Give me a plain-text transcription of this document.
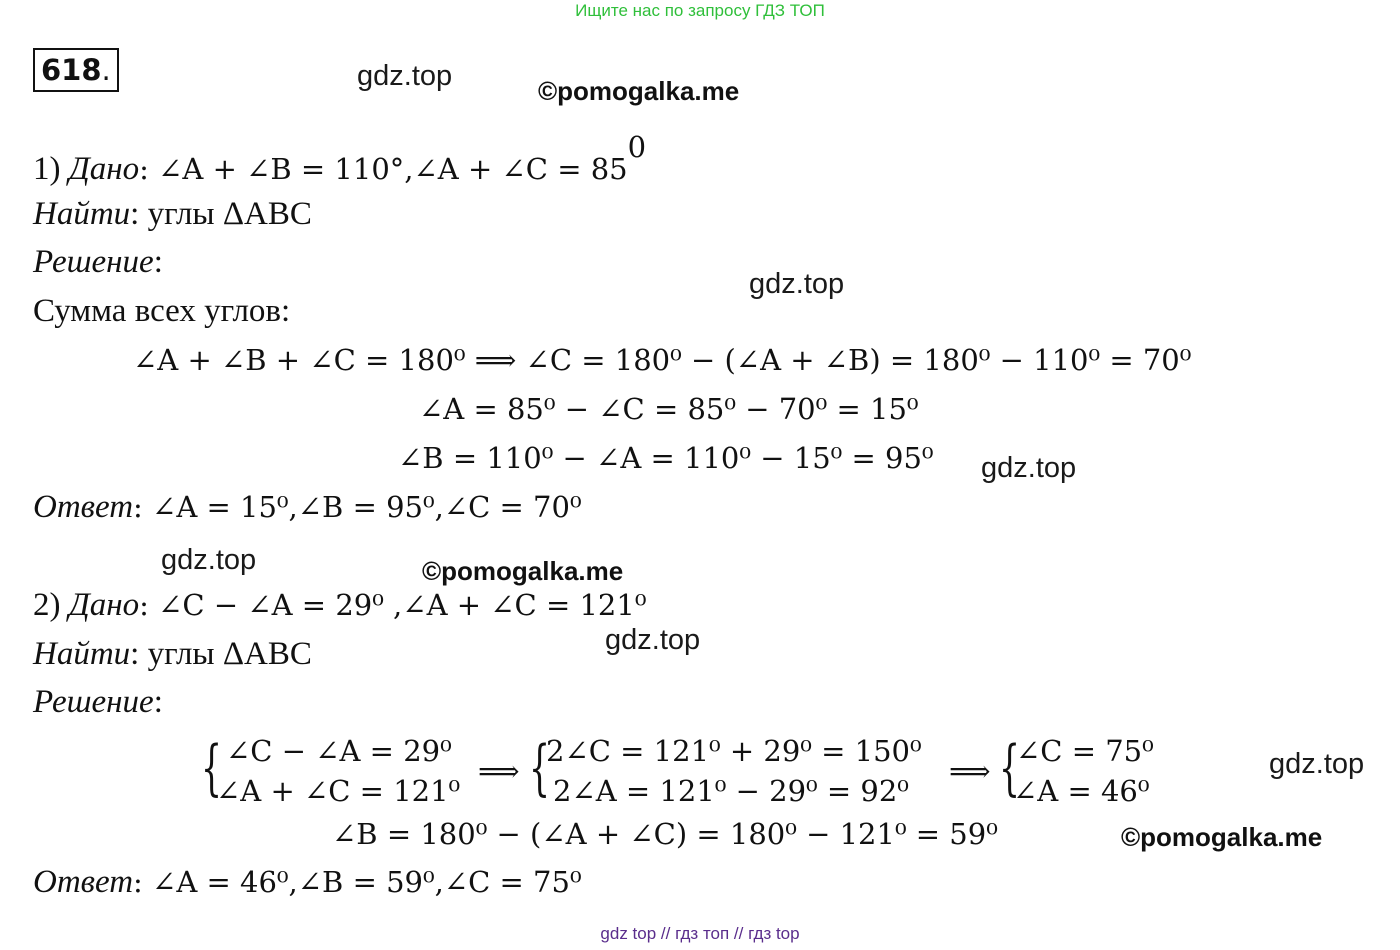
Ищите нас по запросу ГДЗ ТОП
618.	gdz.top	©pomogalka.me
gdz.top
gdz.top
gdz.top	©pomogalka.me
gdz.top
gdz.top
©pomogalka.me
1) Дано: ∠A + ∠B = 110°,∠A + ∠C = $85^0$
Найти: углы ΔABC
Решение:
Сумма всех углов:
∠A + ∠B + ∠C = 180⁰ ⟹ ∠C = 180⁰ − (∠A + ∠B) = 180⁰ − 110⁰ = 70⁰
∠A = 85⁰ − ∠C = 85⁰ − 70⁰ = 15⁰
∠B = 110⁰ − ∠A = 110⁰ − 15⁰ = 95⁰
Ответ: ∠A = 15⁰,∠B = 95⁰,∠C = 70⁰
2) Дано: ∠C − ∠A = 29⁰ ,∠A + ∠C = 121⁰
Найти: углы ΔABC
Решение:
{ ∠C − ∠A = 29⁰
∠A + ∠C = 121⁰
⟹ {
2∠C = 121⁰ + 29⁰ = 150⁰
2∠A = 121⁰ − 29⁰ = 92⁰
⟹ {
∠C = 75⁰
∠A = 46⁰
∠B = 180⁰ − (∠A + ∠C) = 180⁰ − 121⁰ = 59⁰
Ответ: ∠A = 46⁰,∠B = 59⁰,∠C = 75⁰
gdz top // гдз топ // гдз top
